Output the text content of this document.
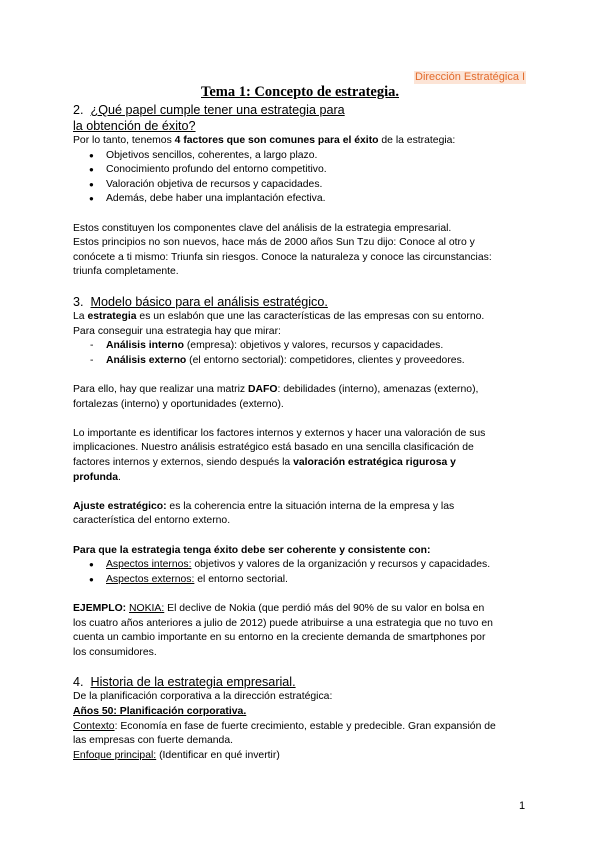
Dirección Estratégica I
Tema 1: Concepto de estrategia.

2. ¿Qué papel cumple tener una estrategia para

la obtención de éxito?

Por lo tanto, tenemos 4 factores que son comunes para el éxito de la estrategia:

● Objetivos sencillos, coherentes, a largo plazo.
● Conocimiento profundo del entorno competitivo.
● Valoración objetiva de recursos y capacidades.
● Además, debe haber una implantación efectiva.

Estos constituyen los componentes clave del análisis de la estrategia empresarial.

Estos principios no son nuevos, hace más de 2000 años Sun Tzu dijo: Conoce al otro y

conócete a ti mismo: Triunfa sin riesgos. Conoce la naturaleza y conoce las circunstancias:

triunfa completamente.

3. Modelo básico para el análisis estratégico.

La estrategia es un eslabón que une las características de las empresas con su entorno.

Para conseguir una estrategia hay que mirar:

- Análisis interno (empresa): objetivos y valores, recursos y capacidades.
- Análisis externo (el entorno sectorial): competidores, clientes y proveedores.

Para ello, hay que realizar una matriz DAFO: debilidades (interno), amenazas (externo),

fortalezas (interno) y oportunidades (externo).

Lo importante es identificar los factores internos y externos y hacer una valoración de sus

implicaciones. Nuestro análisis estratégico está basado en una sencilla clasificación de

factores internos y externos, siendo después la valoración estratégica rigurosa y

profunda.

Ajuste estratégico: es la coherencia entre la situación interna de la empresa y las

característica del entorno externo.

Para que la estrategia tenga éxito debe ser coherente y consistente con:

● Aspectos internos: objetivos y valores de la organización y recursos y capacidades.
● Aspectos externos: el entorno sectorial.

EJEMPLO: NOKIA: El declive de Nokia (que perdió más del 90% de su valor en bolsa en

los cuatro años anteriores a julio de 2012) puede atribuirse a una estrategia que no tuvo en

cuenta un cambio importante en su entorno en la creciente demanda de smartphones por

los consumidores.

4. Historia de la estrategia empresarial.

De la planificación corporativa a la dirección estratégica:

Años 50: Planificación corporativa.

Contexto: Economía en fase de fuerte crecimiento, estable y predecible. Gran expansión de

las empresas con fuerte demanda.

Enfoque principal: (Identificar en qué invertir)

1
